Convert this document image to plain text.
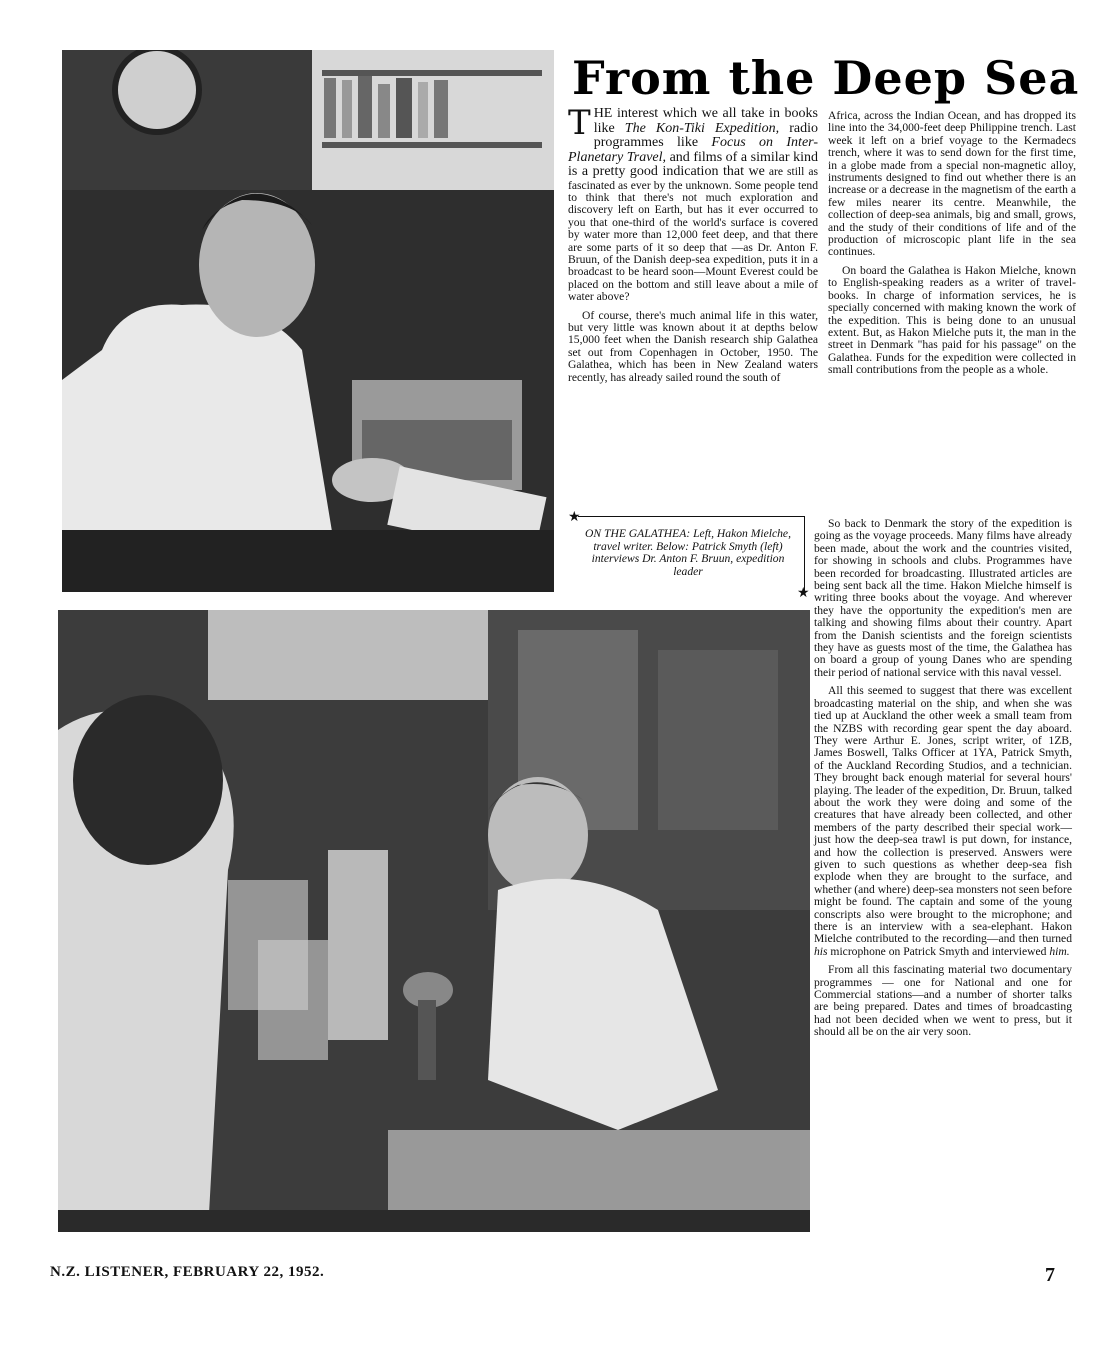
From the Deep Sea

THE interest which we all take in books like The Kon-Tiki Expedition, radio programmes like Focus on Inter-Planetary Travel, and films of a similar kind is a pretty good indication that we are still as fascinated as ever by the unknown. Some people tend to think that there's not much exploration and discovery left on Earth, but has it ever occurred to you that one-third of the world's surface is covered by water more than 12,000 feet deep, and that there are some parts of it so deep that —as Dr. Anton F. Bruun, of the Danish deep-sea expedition, puts it in a broadcast to be heard soon—Mount Everest could be placed on the bottom and still leave about a mile of water above?

Of course, there's much animal life in this water, but very little was known about it at depths below 15,000 feet when the Danish research ship Galathea set out from Copenhagen in October, 1950. The Galathea, which has been in New Zealand waters recently, has already sailed round the south of

Africa, across the Indian Ocean, and has dropped its line into the 34,000-feet deep Philippine trench. Last week it left on a brief voyage to the Kermadecs trench, where it was to send down for the first time, in a globe made from a special non-magnetic alloy, instruments designed to find out whether there is an increase or a decrease in the magnetism of the earth a few miles nearer its centre. Meanwhile, the collection of deep-sea animals, big and small, grows, and the study of their conditions of life and of the production of microscopic plant life in the sea continues.

On board the Galathea is Hakon Mielche, known to English-speaking readers as a writer of travel-books. In charge of information services, he is specially concerned with making known the work of the expedition. This is being done to an unusual extent. But, as Hakon Mielche puts it, the man in the street in Denmark "has paid for his passage" on the Galathea. Funds for the expedition were collected in small contributions from the people as a whole.

★
ON THE GALATHEA: Left, Hakon Mielche, travel writer. Below: Patrick Smyth (left) interviews Dr. Anton F. Bruun, expedition leader
★

So back to Denmark the story of the expedition is going as the voyage proceeds. Many films have already been made, about the work and the countries visited, for showing in schools and clubs. Programmes have been recorded for broadcasting. Illustrated articles are being sent back all the time. Hakon Mielche himself is writing three books about the voyage. And wherever they have the opportunity the expedition's men are talking and showing films about their country. Apart from the Danish scientists and the foreign scientists they have as guests most of the time, the Galathea has on board a group of young Danes who are spending their period of national service with this naval vessel.

All this seemed to suggest that there was excellent broadcasting material on the ship, and when she was tied up at Auckland the other week a small team from the NZBS with recording gear spent the day aboard. They were Arthur E. Jones, script writer, of 1ZB, James Boswell, Talks Officer at 1YA, Patrick Smyth, of the Auckland Recording Studios, and a technician. They brought back enough material for several hours' playing. The leader of the expedition, Dr. Bruun, talked about the work they were doing and some of the creatures that have already been collected, and other members of the party described their special work—just how the deep-sea trawl is put down, for instance, and how the collection is preserved. Answers were given to such questions as whether deep-sea fish explode when they are brought to the surface, and whether (and where) deep-sea monsters not seen before might be found. The captain and some of the young conscripts also were brought to the microphone; and there is an interview with a sea-elephant. Hakon Mielche contributed to the recording—and then turned his microphone on Patrick Smyth and interviewed him.

From all this fascinating material two documentary programmes — one for National and one for Commercial stations—and a number of shorter talks are being prepared. Dates and times of broadcasting had not been decided when we went to press, but it should all be on the air very soon.

N.Z. LISTENER, FEBRUARY 22, 1952.	7
